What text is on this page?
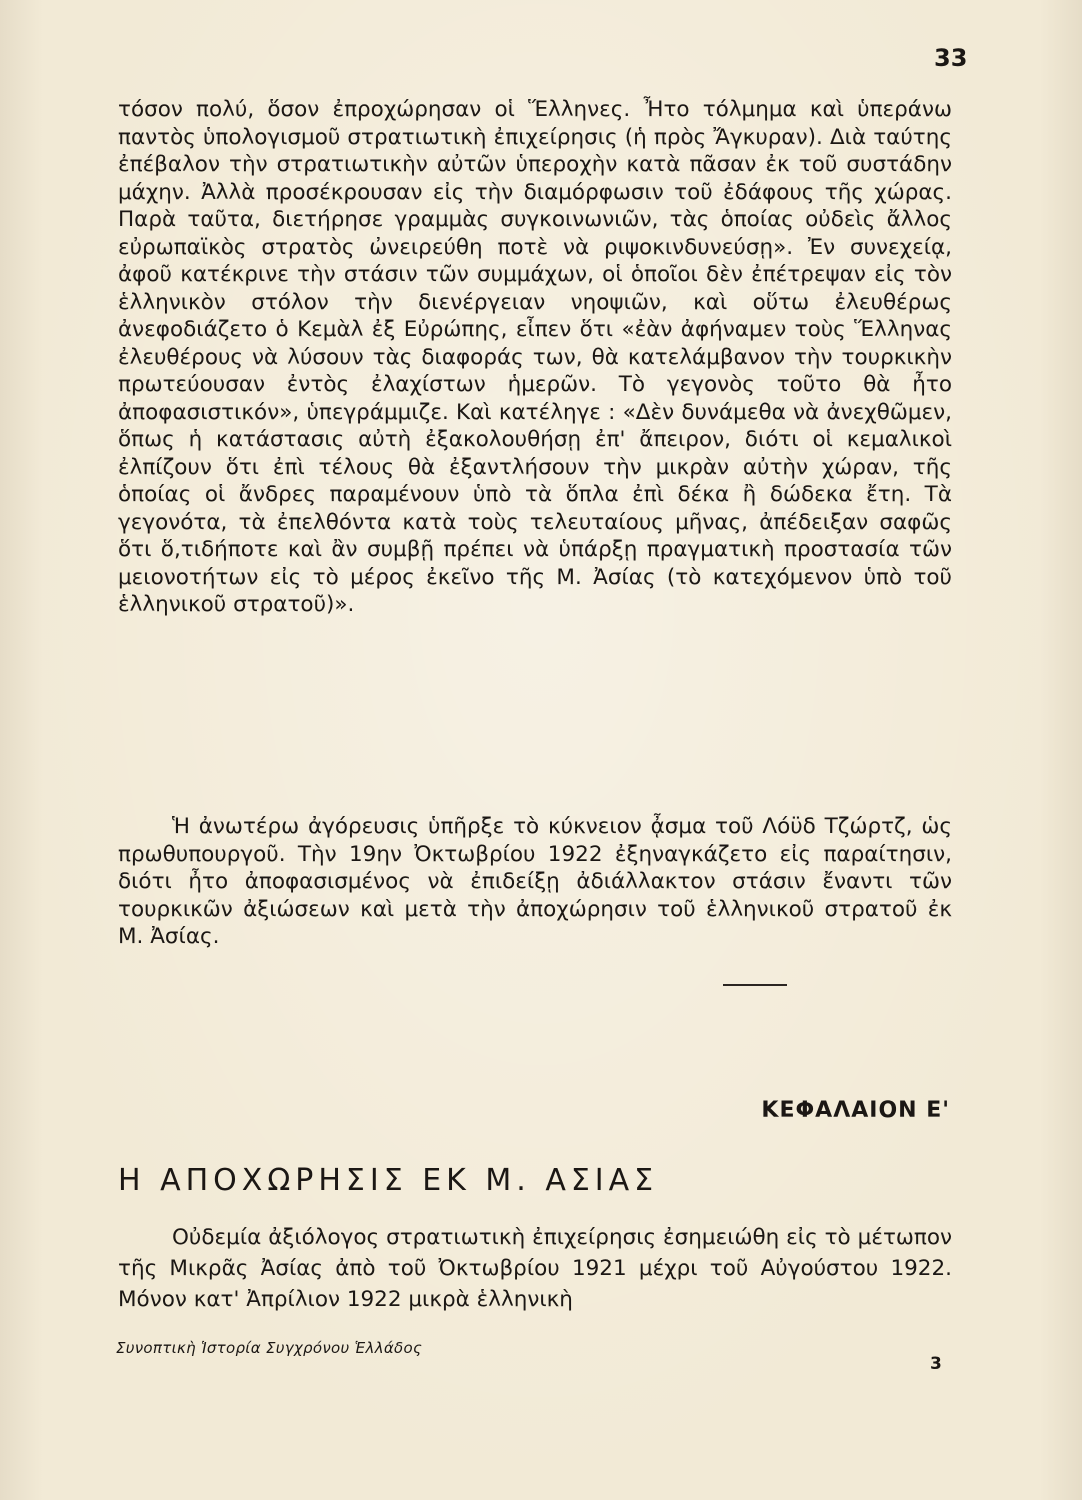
33

τόσον πολύ, ὅσον ἐπροχώρησαν οἱ Ἕλληνες. Ἦτο τόλμημα καὶ ὑπεράνω παντὸς ὑπολογισμοῦ στρατιωτικὴ ἐπιχείρησις (ἡ πρὸς Ἄγκυραν). Διὰ ταύτης ἐπέβαλον τὴν στρατιωτικὴν αὐτῶν ὑπεροχὴν κατὰ πᾶσαν ἐκ τοῦ συστάδην μάχην. Ἀλλὰ προσέκρουσαν εἰς τὴν διαμόρφωσιν τοῦ ἐδάφους τῆς χώρας. Παρὰ ταῦτα, διετήρησε γραμμὰς συγκοινωνιῶν, τὰς ὁποίας οὐδεὶς ἄλλος εὐρωπαϊκὸς στρατὸς ὠνειρεύθη ποτὲ νὰ ριψοκινδυνεύσῃ». Ἐν συνεχείᾳ, ἀφοῦ κατέκρινε τὴν στάσιν τῶν συμμάχων, οἱ ὁποῖοι δὲν ἐπέτρεψαν εἰς τὸν ἑλληνικὸν στόλον τὴν διενέργειαν νηοψιῶν, καὶ οὕτω ἐλευθέρως ἀνεφοδιάζετο ὁ Κεμὰλ ἐξ Εὐρώπης, εἶπεν ὅτι «ἐὰν ἀφήναμεν τοὺς Ἕλληνας ἐλευθέρους νὰ λύσουν τὰς διαφοράς των, θὰ κατελάμβανον τὴν τουρκικὴν πρωτεύουσαν ἐντὸς ἐλαχίστων ἡμερῶν. Τὸ γεγονὸς τοῦτο θὰ ἦτο ἀποφασιστικόν», ὑπεγράμμιζε. Καὶ κατέληγε : «Δὲν δυνάμεθα νὰ ἀνεχθῶμεν, ὅπως ἡ κατάστασις αὐτὴ ἐξακολουθήσῃ ἐπ' ἄπειρον, διότι οἱ κεμαλικοὶ ἐλπίζουν ὅτι ἐπὶ τέλους θὰ ἐξαντλήσουν τὴν μικρὰν αὐτὴν χώραν, τῆς ὁποίας οἱ ἄνδρες παραμένουν ὑπὸ τὰ ὅπλα ἐπὶ δέκα ἢ δώδεκα ἔτη. Τὰ γεγονότα, τὰ ἐπελθόντα κατὰ τοὺς τελευταίους μῆνας, ἀπέδειξαν σαφῶς ὅτι ὅ,τιδήποτε καὶ ἂν συμβῇ πρέπει νὰ ὑπάρξῃ πραγματικὴ προστασία τῶν μειονοτήτων εἰς τὸ μέρος ἐκεῖνο τῆς Μ. Ἀσίας (τὸ κατεχόμενον ὑπὸ τοῦ ἑλληνικοῦ στρατοῦ)».

Ἡ ἀνωτέρω ἀγόρευσις ὑπῆρξε τὸ κύκνειον ᾆσμα τοῦ Λόϋδ Τζώρτζ, ὡς πρωθυπουργοῦ. Τὴν 19ην Ὀκτωβρίου 1922 ἐξηναγκάζετο εἰς παραίτησιν, διότι ἦτο ἀποφασισμένος νὰ ἐπιδείξῃ ἀδιάλλακτον στάσιν ἔναντι τῶν τουρκικῶν ἀξιώσεων καὶ μετὰ τὴν ἀποχώρησιν τοῦ ἑλληνικοῦ στρατοῦ ἐκ Μ. Ἀσίας.

ΚΕΦΑΛΑΙΟΝ Ε'
Η ΑΠΟΧΩΡΗΣΙΣ ΕΚ Μ. ΑΣΙΑΣ

Οὐδεμία ἀξιόλογος στρατιωτικὴ ἐπιχείρησις ἐσημειώθη εἰς τὸ μέτωπον τῆς Μικρᾶς Ἀσίας ἀπὸ τοῦ Ὀκτωβρίου 1921 μέχρι τοῦ Αὐγούστου 1922. Μόνον κατ' Ἀπρίλιον 1922 μικρὰ ἑλληνικὴ

Συνοπτικὴ Ἱστορία Συγχρόνου Ἑλλάδος
3
